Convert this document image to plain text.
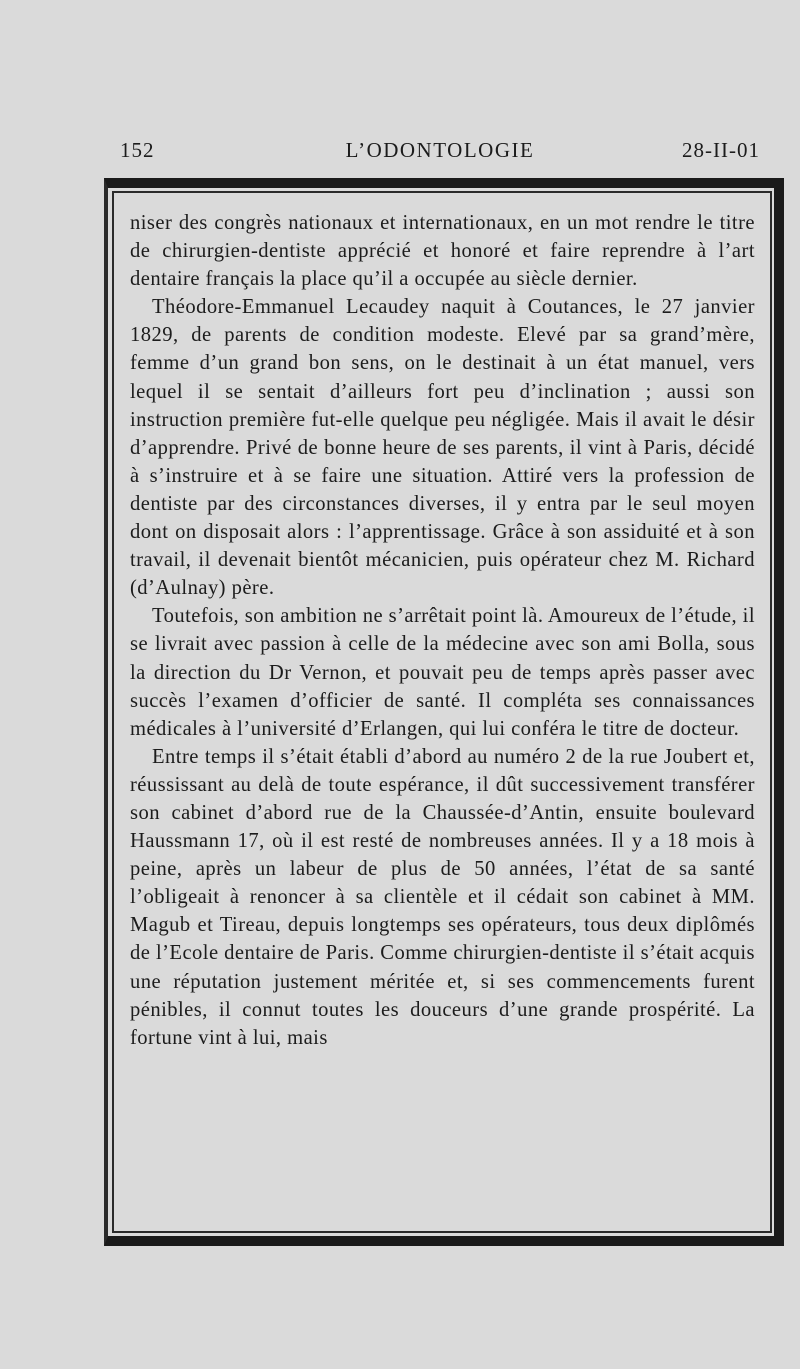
152	L’ODONTOLOGIE	28-II-01

niser des congrès nationaux et internationaux, en un mot rendre le titre de chirurgien-dentiste apprécié et honoré et faire reprendre à l’art dentaire français la place qu’il a occupée au siècle dernier.

Théodore-Emmanuel Lecaudey naquit à Coutances, le 27 janvier 1829, de parents de condition modeste. Elevé par sa grand’mère, femme d’un grand bon sens, on le destinait à un état manuel, vers lequel il se sentait d’ailleurs fort peu d’inclination ; aussi son instruction première fut-elle quelque peu négligée. Mais il avait le désir d’apprendre. Privé de bonne heure de ses parents, il vint à Paris, décidé à s’instruire et à se faire une situation. Attiré vers la profession de dentiste par des circonstances diverses, il y entra par le seul moyen dont on disposait alors : l’apprentissage. Grâce à son assiduité et à son travail, il devenait bientôt mécanicien, puis opérateur chez M. Richard (d’Aulnay) père.

Toutefois, son ambition ne s’arrêtait point là. Amoureux de l’étude, il se livrait avec passion à celle de la médecine avec son ami Bolla, sous la direction du Dr Vernon, et pouvait peu de temps après passer avec succès l’examen d’officier de santé. Il compléta ses connaissances médicales à l’université d’Erlangen, qui lui conféra le titre de docteur.

Entre temps il s’était établi d’abord au numéro 2 de la rue Joubert et, réussissant au delà de toute espérance, il dût successivement transférer son cabinet d’abord rue de la Chaussée-d’Antin, ensuite boulevard Haussmann 17, où il est resté de nombreuses années. Il y a 18 mois à peine, après un labeur de plus de 50 années, l’état de sa santé l’obligeait à renoncer à sa clientèle et il cédait son cabinet à MM. Magub et Tireau, depuis longtemps ses opérateurs, tous deux diplômés de l’Ecole dentaire de Paris. Comme chirurgien-dentiste il s’était acquis une réputation justement méritée et, si ses commencements furent pénibles, il connut toutes les douceurs d’une grande prospérité. La fortune vint à lui, mais
